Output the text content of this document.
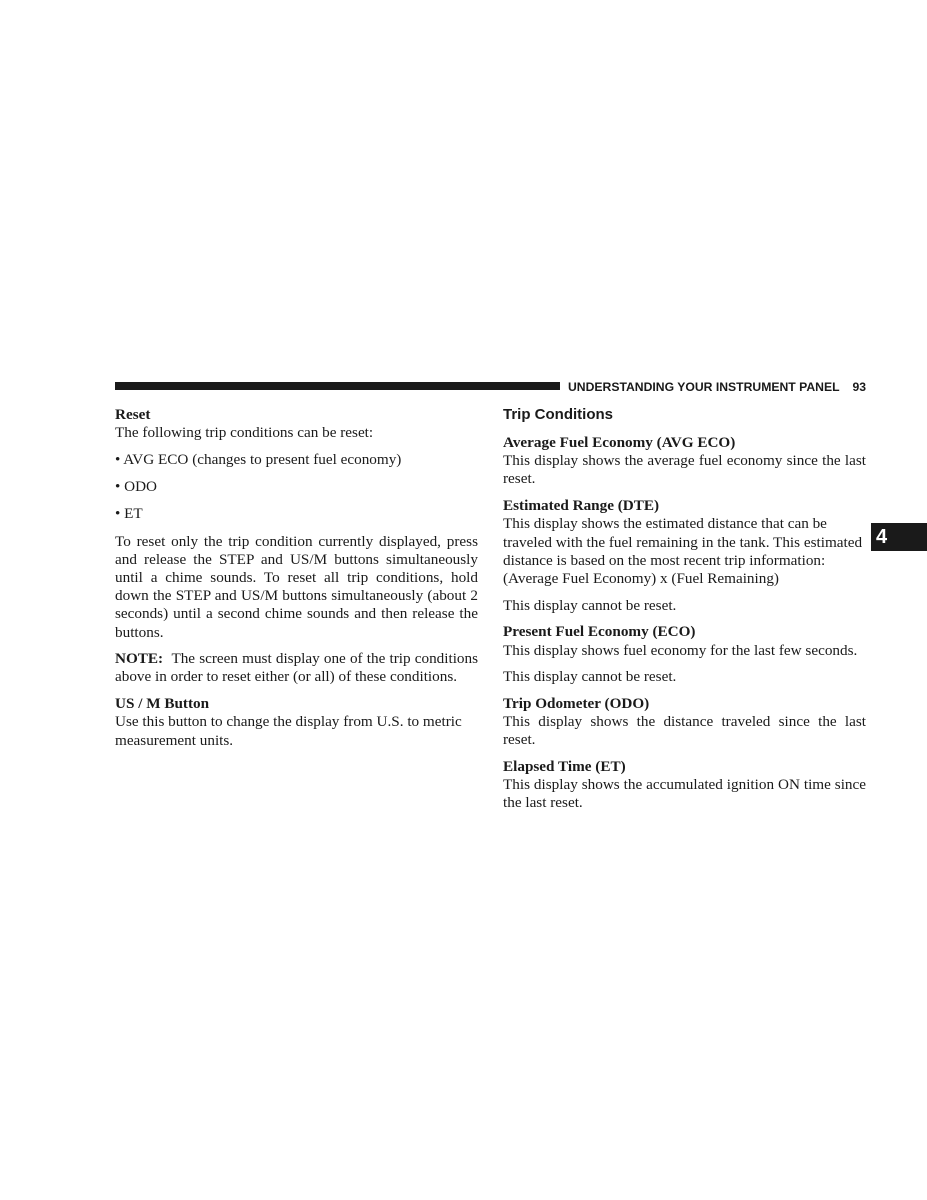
UNDERSTANDING YOUR INSTRUMENT PANEL 93
4

Reset

The following trip conditions can be reset:

• AVG ECO (changes to present fuel economy)

• ODO

• ET

To reset only the trip condition currently displayed, press and release the STEP and US/M buttons simultaneously until a chime sounds. To reset all trip conditions, hold down the STEP and US/M buttons simultaneously (about 2 seconds) until a second chime sounds and then release the buttons.

NOTE: The screen must display one of the trip conditions above in order to reset either (or all) of these conditions.

US / M Button

Use this button to change the display from U.S. to metric measurement units.

Trip Conditions

Average Fuel Economy (AVG ECO)

This display shows the average fuel economy since the last reset.

Estimated Range (DTE)

This display shows the estimated distance that can be traveled with the fuel remaining in the tank. This estimated distance is based on the most recent trip information: (Average Fuel Economy) x (Fuel Remaining)

This display cannot be reset.

Present Fuel Economy (ECO)

This display shows fuel economy for the last few seconds.

This display cannot be reset.

Trip Odometer (ODO)

This display shows the distance traveled since the last reset.

Elapsed Time (ET)

This display shows the accumulated ignition ON time since the last reset.
